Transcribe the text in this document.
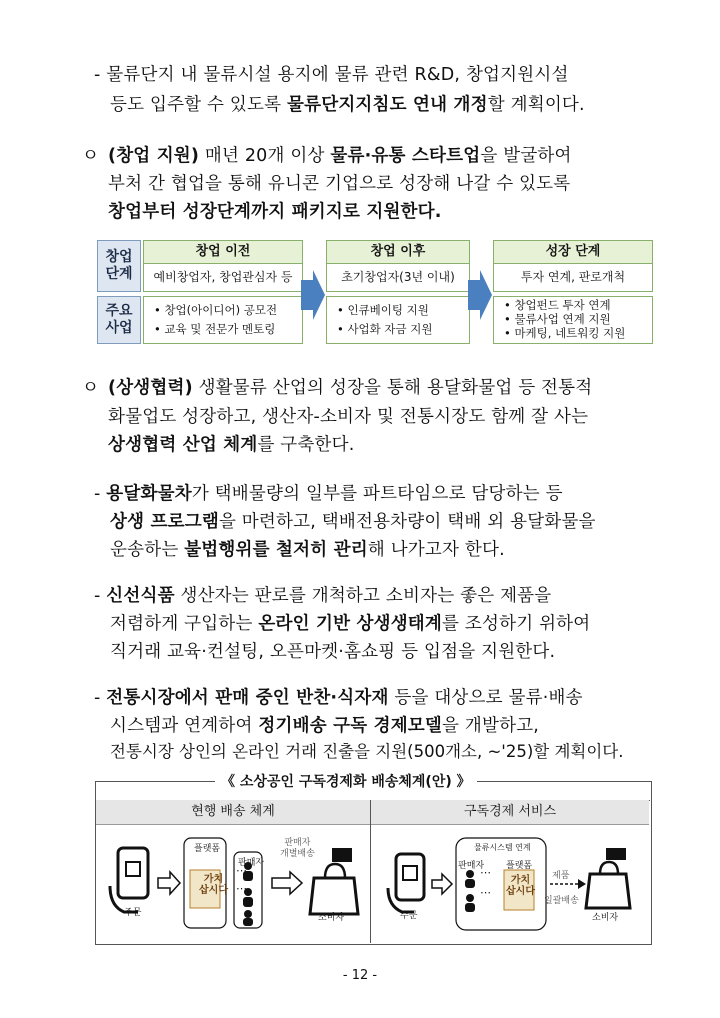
- 물류단지 내 물류시설 용지에 물류 관련 R&D, 창업지원시설
등도 입주할 수 있도록 물류단지지침도 연내 개정할 계획이다.
ㅇ (창업 지원) 매년 20개 이상 물류·유통 스타트업을 발굴하여
부처 간 협업을 통해 유니콘 기업으로 성장해 나갈 수 있도록
창업부터 성장단계까지 패키지로 지원한다.
창업
단계
주요
사업
창업 이전
예비창업자, 창업관심자 등
• 창업(아이디어) 공모전
• 교육 및 전문가 멘토링
창업 이후
초기창업자(3년 이내)
• 인큐베이팅 지원
• 사업화 자금 지원
성장 단계
투자 연계, 판로개척
• 창업펀드 투자 연계
• 물류사업 연계 지원
• 마케팅, 네트워킹 지원
ㅇ (상생협력) 생활물류 산업의 성장을 통해 용달화물업 등 전통적
화물업도 성장하고, 생산자-소비자 및 전통시장도 함께 잘 사는
상생협력 산업 체계를 구축한다.
- 용달화물차가 택배물량의 일부를 파트타임으로 담당하는 등
상생 프로그램을 마련하고, 택배전용차량이 택배 외 용달화물을
운송하는 불법행위를 철저히 관리해 나가고자 한다.
- 신선식품 생산자는 판로를 개척하고 소비자는 좋은 제품을
저렴하게 구입하는 온라인 기반 상생생태계를 조성하기 위하여
직거래 교육·컨설팅, 오픈마켓·홈쇼핑 등 입점을 지원한다.
- 전통시장에서 판매 중인 반찬·식자재 등을 대상으로 물류·배송
시스템과 연계하여 정기배송 구독 경제모델을 개발하고,
전통시장 상인의 온라인 거래 진출을 지원(500개소, ~'25)할 계획이다.
《 소상공인 구독경제화 배송체계(안) 》
현행 배송 체계	구독경제 서비스
주문
플랫폼
판매자
가치
삽시다
⋯
⋯
판매자
개별배송
소비자	주문
물류시스템 연계
판매자 플랫폼
가치
삽시다
⋯
⋯
제품
일괄배송
소비자
- 12 -
